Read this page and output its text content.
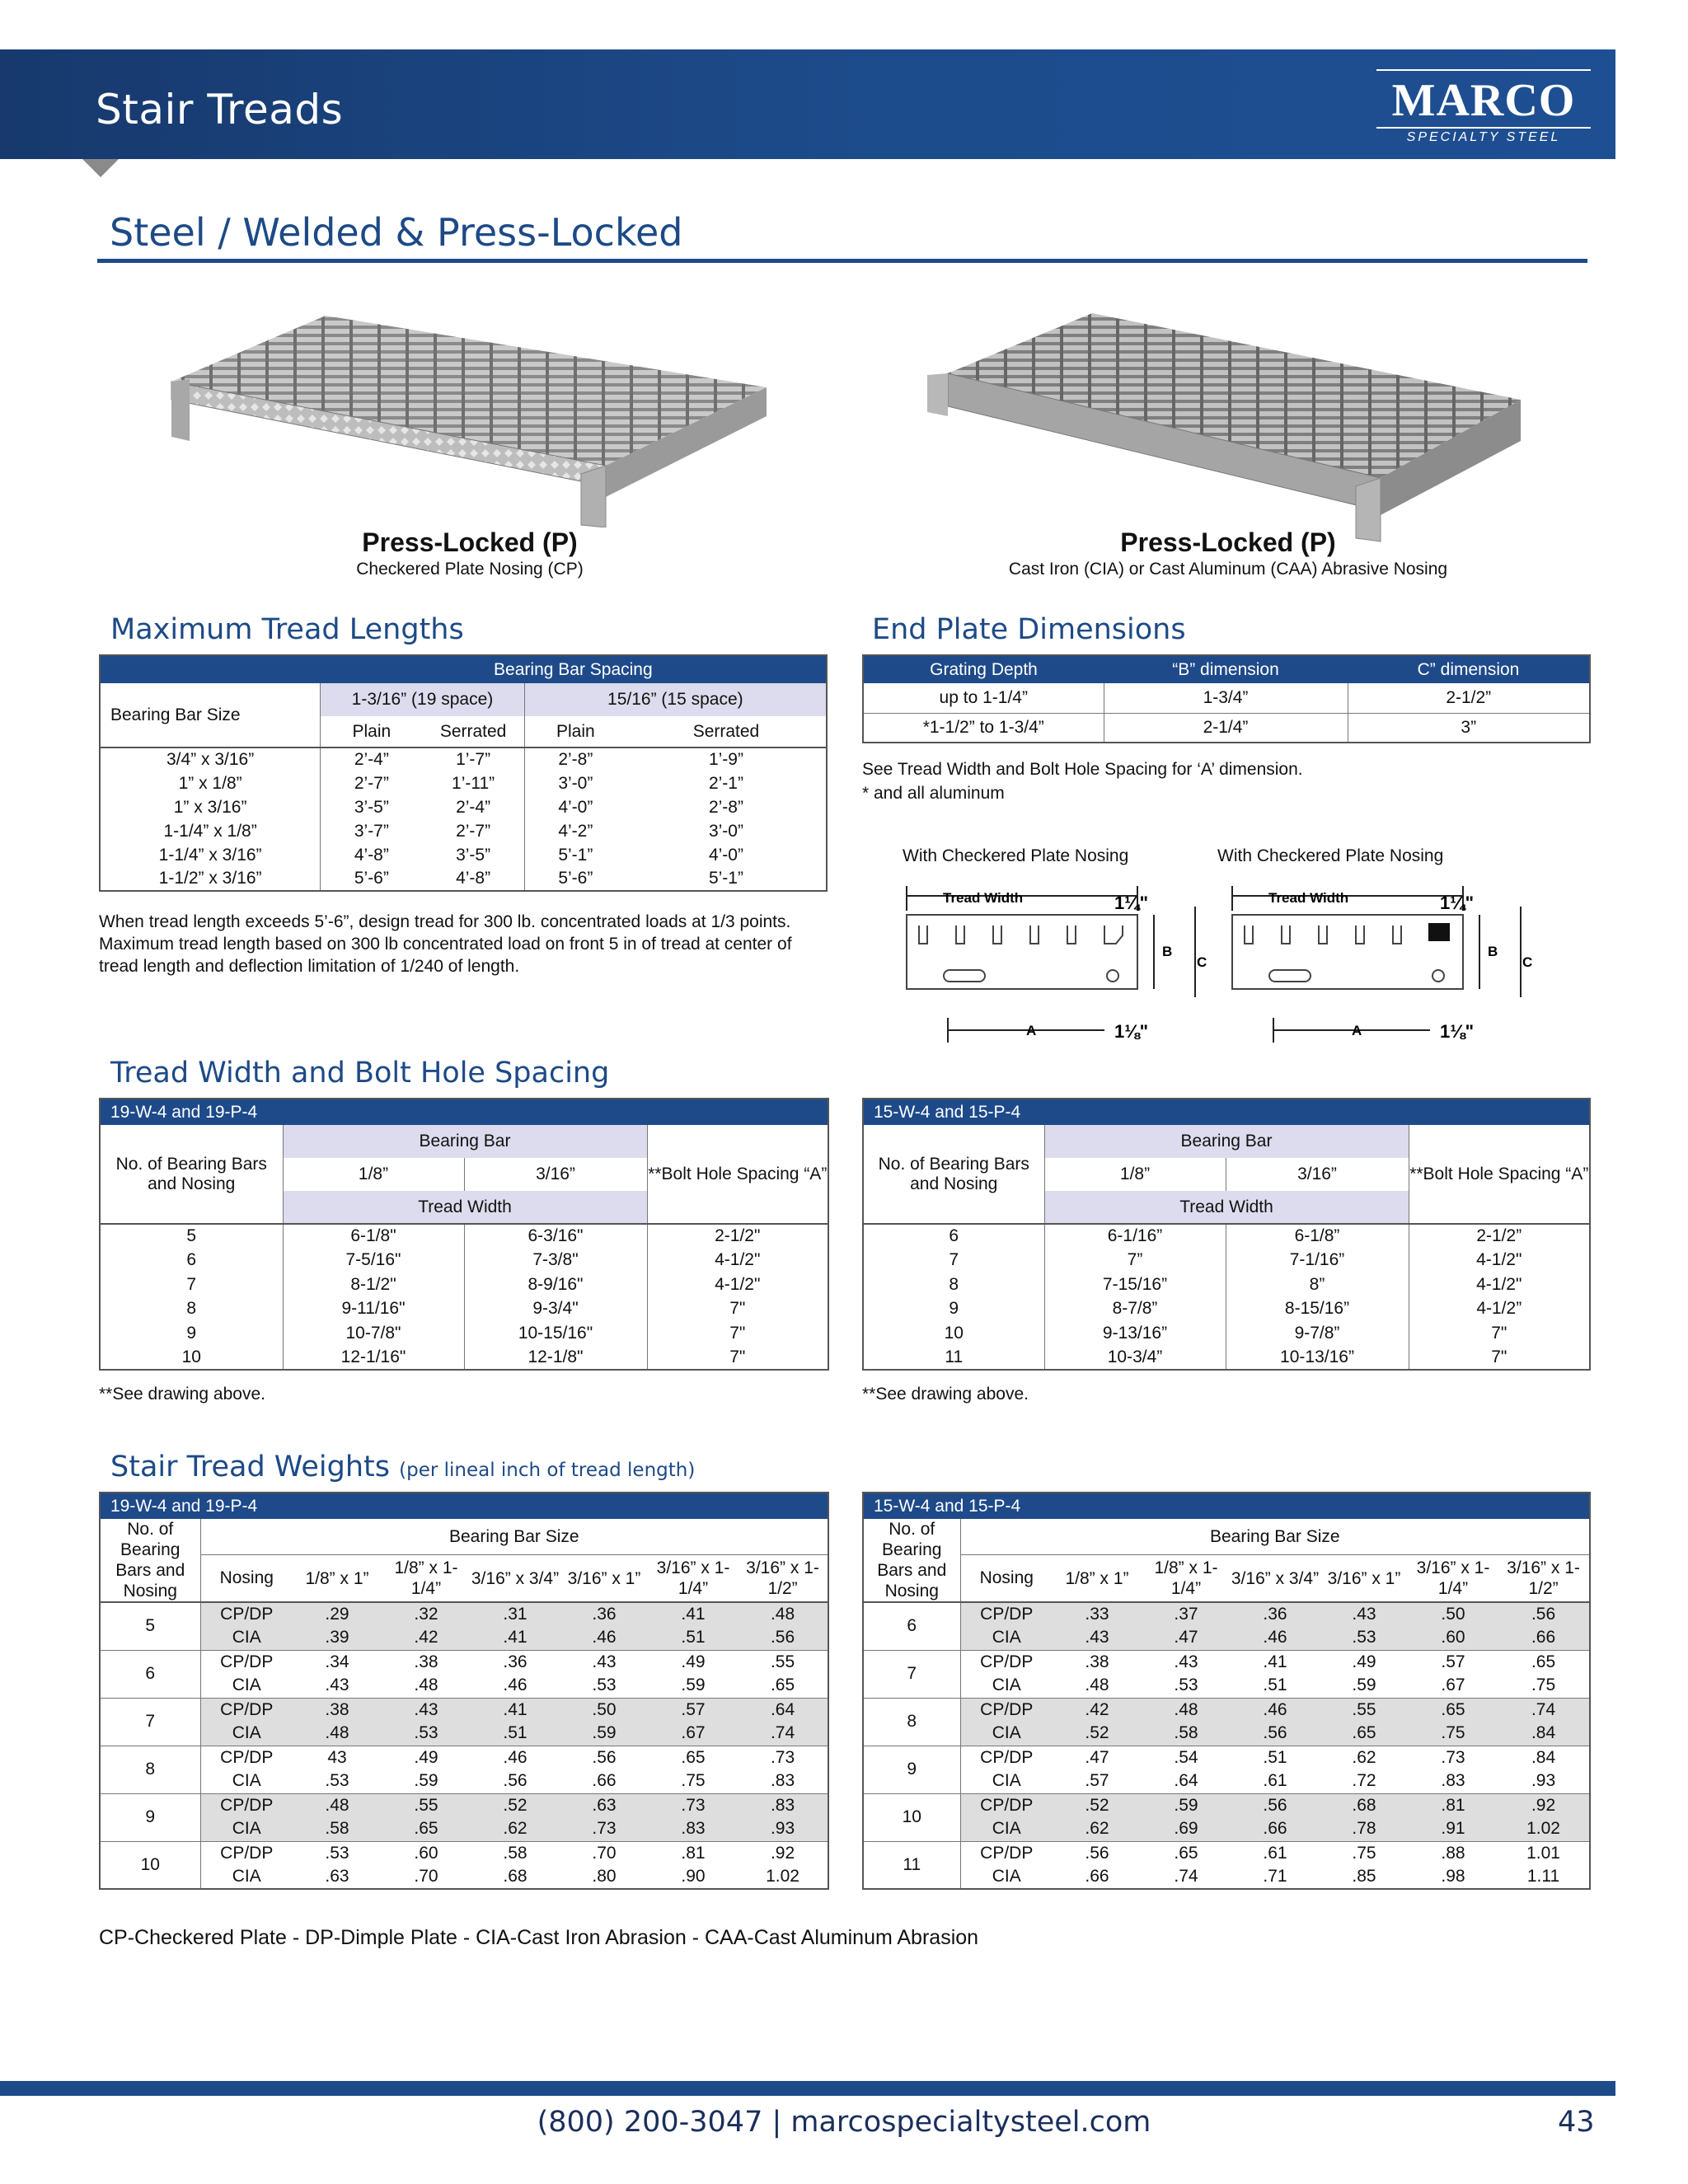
Stair Treads	MARCO
SPECIALTY STEEL
Steel / Welded & Press-Locked
Press-Locked (P)
Checkered Plate Nosing (CP)
Press-Locked (P)
Cast Iron (CIA) or Cast Aluminum (CAA) Abrasive Nosing
Maximum Tread Lengths
	Bearing Bar Spacing			
Bearing Bar Size	1-3/16” (19 space)		15/16” (15 space)	
	Plain	Serrated	Plain	Serrated
3/4” x 3/16”	2’-4”	1’-7”	2’-8”	1’-9”
1” x 1/8”	2’-7”	1’-11”	3’-0”	2’-1”
1” x 3/16”	3’-5”	2’-4”	4’-0”	2’-8”
1-1/4” x 1/8”	3’-7”	2’-7”	4’-2”	3’-0”
1-1/4” x 3/16”	4’-8”	3’-5”	5’-1”	4’-0”
1-1/2” x 3/16”	5’-6”	4’-8”	5’-6”	5’-1”
When tread length exceeds 5’-6”, design tread for 300 lb. concentrated loads at 1/3 points. Maximum tread length based on 300 lb concentrated load on front 5 in of tread at center of tread length and deflection limitation of 1/240 of length.
End Plate Dimensions
Grating Depth	“B” dimension	C” dimension
up to 1-1/4”	1-3/4”	2-1/2”
*1-1/2” to 1-3/4”	2-1/4”	3”
See Tread Width and Bolt Hole Spacing for ‘A’ dimension.
* and all aluminum
With Checkered Plate Nosing	With Checkered Plate Nosing
Tread Width
B
C
1¼"
A	1⅛"
Tread Width
B
C
1¼"
A	1⅛"
Tread Width and Bolt Hole Spacing
19-W-4 and 19-P-4			
No. of Bearing Bars and Nosing	Bearing Bar		**Bolt Hole Spacing “A”
	1/8”	3/16”	
	Tread Width		
5	6-1/8"	6-3/16"	2-1/2"
6	7-5/16"	7-3/8"	4-1/2"
7	8-1/2"	8-9/16"	4-1/2"
8	9-11/16"	9-3/4"	7"
9	10-7/8"	10-15/16"	7"
10	12-1/16"	12-1/8"	7"
15-W-4 and 15-P-4			
No. of Bearing Bars and Nosing	Bearing Bar		**Bolt Hole Spacing “A”
	1/8”	3/16”	
	Tread Width		
6	6-1/16”	6-1/8”	2-1/2”
7	7”	7-1/16”	4-1/2"
8	7-15/16”	8”	4-1/2"
9	8-7/8”	8-15/16”	4-1/2”
10	9-13/16”	9-7/8”	7"
11	10-3/4”	10-13/16”	7"
**See drawing above.	**See drawing above.
Stair Tread Weights (per lineal inch of tread length)
19-W-4 and 19-P-4							
No. of Bearing Bars and Nosing	Bearing Bar Size						
	Nosing	1/8” x 1”	1/8” x 1-1/4”	3/16” x 3/4”	3/16” x 1”	3/16” x 1-1/4”	3/16” x 1-1/2”
5	CP/DP	.29	.32	.31	.36	.41	.48
	CIA	.39	.42	.41	.46	.51	.56
6	CP/DP	.34	.38	.36	.43	.49	.55
	CIA	.43	.48	.46	.53	.59	.65
7	CP/DP	.38	.43	.41	.50	.57	.64
	CIA	.48	.53	.51	.59	.67	.74
8	CP/DP	43	.49	.46	.56	.65	.73
	CIA	.53	.59	.56	.66	.75	.83
9	CP/DP	.48	.55	.52	.63	.73	.83
	CIA	.58	.65	.62	.73	.83	.93
10	CP/DP	.53	.60	.58	.70	.81	.92
	CIA	.63	.70	.68	.80	.90	1.02
15-W-4 and 15-P-4							
No. of Bearing Bars and Nosing	Bearing Bar Size						
	Nosing	1/8” x 1”	1/8” x 1-1/4”	3/16” x 3/4”	3/16” x 1”	3/16” x 1-1/4”	3/16” x 1-1/2”
6	CP/DP	.33	.37	.36	.43	.50	.56
	CIA	.43	.47	.46	.53	.60	.66
7	CP/DP	.38	.43	.41	.49	.57	.65
	CIA	.48	.53	.51	.59	.67	.75
8	CP/DP	.42	.48	.46	.55	.65	.74
	CIA	.52	.58	.56	.65	.75	.84
9	CP/DP	.47	.54	.51	.62	.73	.84
	CIA	.57	.64	.61	.72	.83	.93
10	CP/DP	.52	.59	.56	.68	.81	.92
	CIA	.62	.69	.66	.78	.91	1.02
11	CP/DP	.56	.65	.61	.75	.88	1.01
	CIA	.66	.74	.71	.85	.98	1.11
CP-Checkered Plate - DP-Dimple Plate - CIA-Cast Iron Abrasion - CAA-Cast Aluminum Abrasion
(800) 200-3047 | marcospecialtysteel.com	43
